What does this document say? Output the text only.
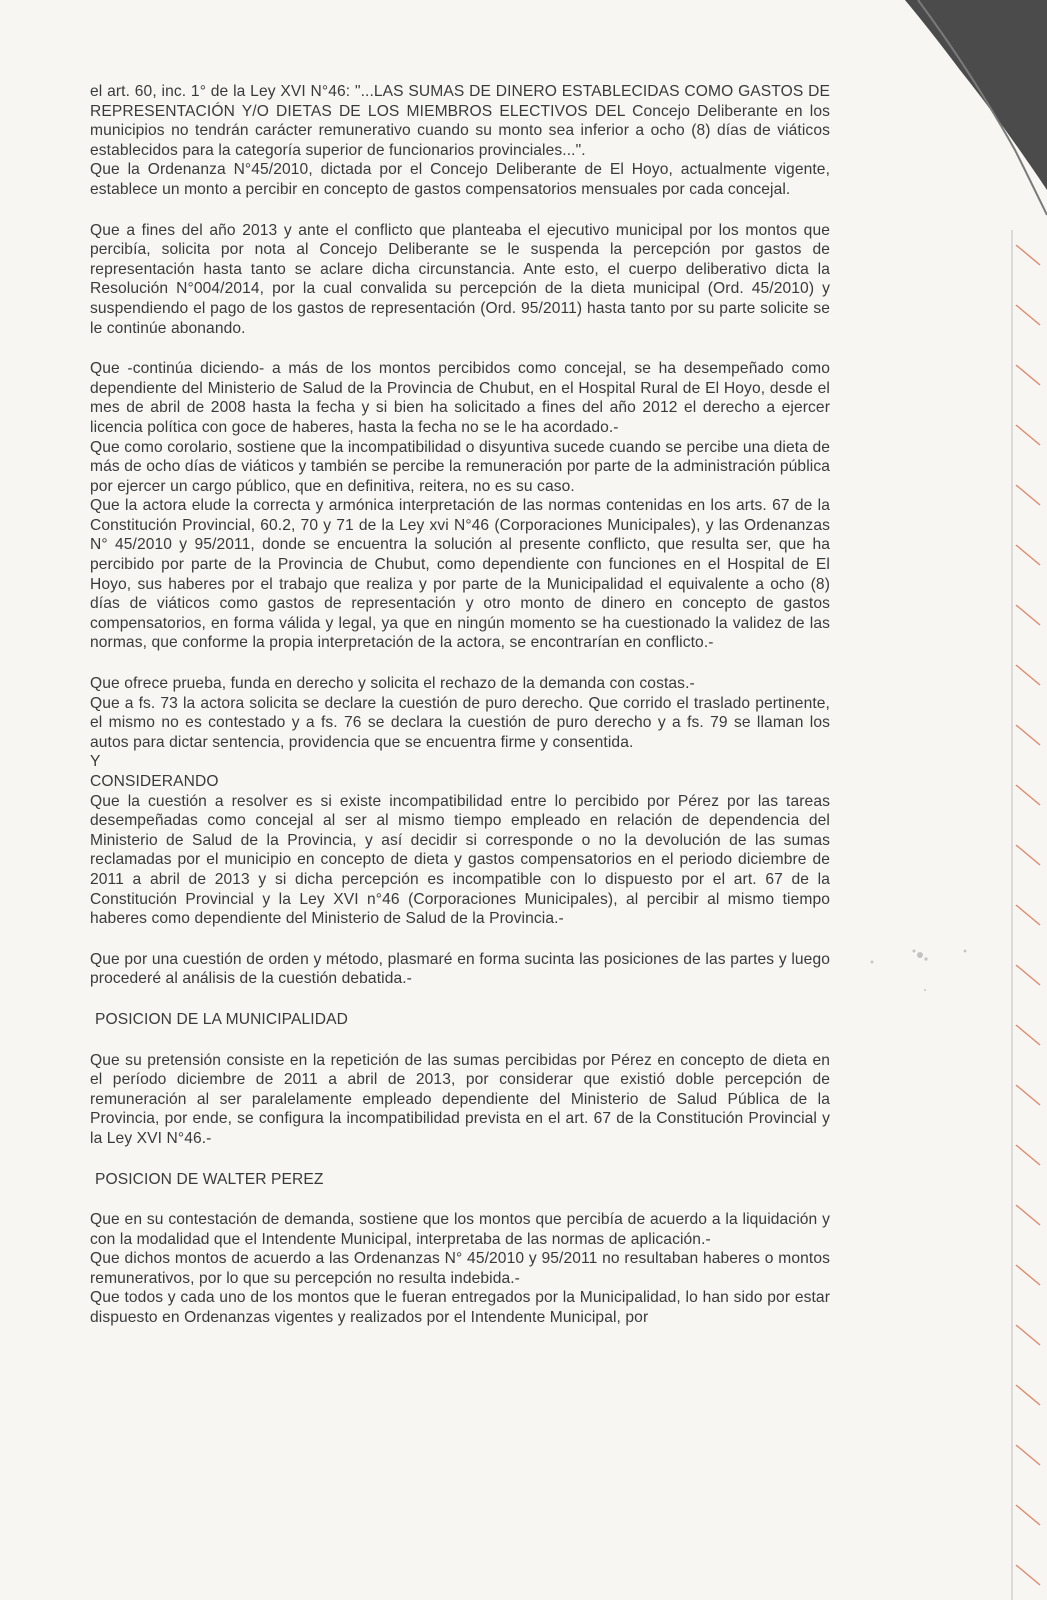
el art. 60, inc. 1° de la Ley XVI N°46: "...LAS SUMAS DE DINERO ESTABLECIDAS COMO GASTOS DE REPRESENTACIÓN Y/O DIETAS DE LOS MIEMBROS ELECTIVOS DEL Concejo Deliberante en los municipios no tendrán carácter remunerativo cuando su monto sea inferior a ocho (8) días de viáticos establecidos para la categoría superior de funcionarios provinciales...".

Que la Ordenanza N°45/2010, dictada por el Concejo Deliberante de El Hoyo, actualmente vigente, establece un monto a percibir en concepto de gastos compensatorios mensuales por cada concejal.

Que a fines del año 2013 y ante el conflicto que planteaba el ejecutivo municipal por los montos que percibía, solicita por nota al Concejo Deliberante se le suspenda la percepción por gastos de representación hasta tanto se aclare dicha circunstancia. Ante esto, el cuerpo deliberativo dicta la Resolución N°004/2014, por la cual convalida su percepción de la dieta municipal (Ord. 45/2010) y suspendiendo el pago de los gastos de representación (Ord. 95/2011) hasta tanto por su parte solicite se le continúe abonando.

Que -continúa diciendo- a más de los montos percibidos como concejal, se ha desempeñado como dependiente del Ministerio de Salud de la Provincia de Chubut, en el Hospital Rural de El Hoyo, desde el mes de abril de 2008 hasta la fecha y si bien ha solicitado a fines del año 2012 el derecho a ejercer licencia política con goce de haberes, hasta la fecha no se le ha acordado.-

Que como corolario, sostiene que la incompatibilidad o disyuntiva sucede cuando se percibe una dieta de más de ocho días de viáticos y también se percibe la remuneración por parte de la administración pública por ejercer un cargo público, que en definitiva, reitera, no es su caso.

Que la actora elude la correcta y armónica interpretación de las normas contenidas en los arts. 67 de la Constitución Provincial, 60.2, 70 y 71 de la Ley xvi N°46 (Corporaciones Municipales), y las Ordenanzas N° 45/2010 y 95/2011, donde se encuentra la solución al presente conflicto, que resulta ser, que ha percibido por parte de la Provincia de Chubut, como dependiente con funciones en el Hospital de El Hoyo, sus haberes por el trabajo que realiza y por parte de la Municipalidad el equivalente a ocho (8) días de viáticos como gastos de representación y otro monto de dinero en concepto de gastos compensatorios, en forma válida y legal, ya que en ningún momento se ha cuestionado la validez de las normas, que conforme la propia interpretación de la actora, se encontrarían en conflicto.-

Que ofrece prueba, funda en derecho y solicita el rechazo de la demanda con costas.-

Que a fs. 73 la actora solicita se declare la cuestión de puro derecho. Que corrido el traslado pertinente, el mismo no es contestado y a fs. 76 se declara la cuestión de puro derecho y a fs. 79 se llaman los autos para dictar sentencia, providencia que se encuentra firme y consentida.

Y

CONSIDERANDO

Que la cuestión a resolver es si existe incompatibilidad entre lo percibido por Pérez por las tareas desempeñadas como concejal al ser al mismo tiempo empleado en relación de dependencia del Ministerio de Salud de la Provincia, y así decidir si corresponde o no la devolución de las sumas reclamadas por el municipio en concepto de dieta y gastos compensatorios en el periodo diciembre de 2011 a abril de 2013 y si dicha percepción es incompatible con lo dispuesto por el art. 67 de la Constitución Provincial y la Ley XVI n°46 (Corporaciones Municipales), al percibir al mismo tiempo haberes como dependiente del Ministerio de Salud de la Provincia.-

Que por una cuestión de orden y método, plasmaré en forma sucinta las posiciones de las partes y luego procederé al análisis de la cuestión debatida.-

POSICION DE LA MUNICIPALIDAD

Que su pretensión consiste en la repetición de las sumas percibidas por Pérez en concepto de dieta en el período diciembre de 2011 a abril de 2013, por considerar que existió doble percepción de remuneración al ser paralelamente empleado dependiente del Ministerio de Salud Pública de la Provincia, por ende, se configura la incompatibilidad prevista en el art. 67 de la Constitución Provincial y la Ley XVI N°46.-

POSICION DE WALTER PEREZ

Que en su contestación de demanda, sostiene que los montos que percibía de acuerdo a la liquidación y con la modalidad que el Intendente Municipal, interpretaba de las normas de aplicación.-

Que dichos montos de acuerdo a las Ordenanzas N° 45/2010 y 95/2011 no resultaban haberes o montos remunerativos, por lo que su percepción no resulta indebida.-

Que todos y cada uno de los montos que le fueran entregados por la Municipalidad, lo han sido por estar dispuesto en Ordenanzas vigentes y realizados por el Intendente Municipal, por
